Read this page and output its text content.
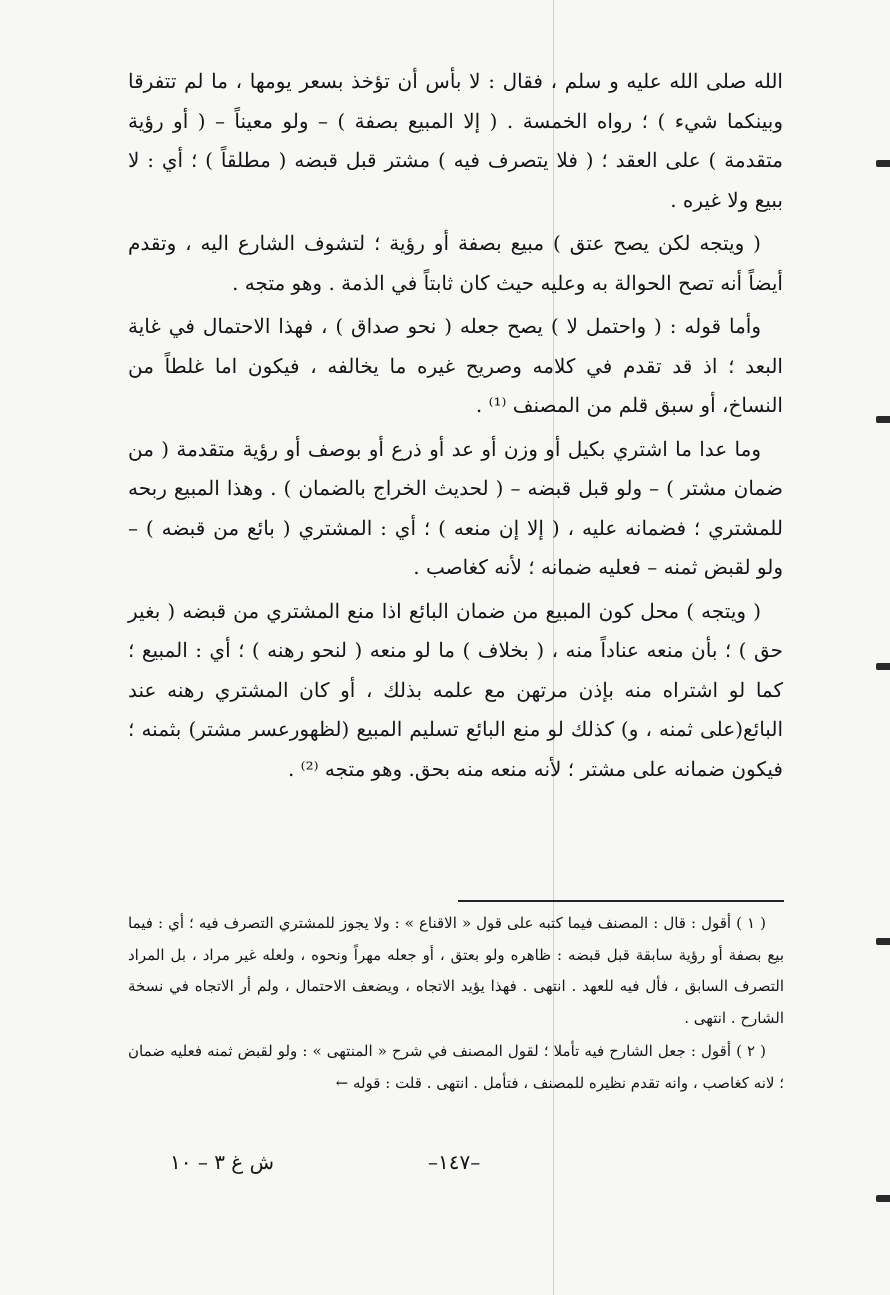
الله صلى الله عليه و سلم ، فقال : لا بأس أن تؤخذ بسعر يومها ، ما لم تتفرقا وبينكما شيء ) ؛ رواه الخمسة . ( إلا المبيع بصفة ) – ولو معيناً – ( أو رؤية متقدمة ) على العقد ؛ ( فلا يتصرف فيه ) مشتر قبل قبضه ( مطلقاً ) ؛ أي : لا ببيع ولا غيره .

( ويتجه لكن يصح عتق ) مبيع بصفة أو رؤية ؛ لتشوف الشارع اليه ، وتقدم أيضاً أنه تصح الحوالة به وعليه حيث كان ثابتاً في الذمة . وهو متجه .

وأما قوله : ( واحتمل لا ) يصح جعله ( نحو صداق ) ، فهذا الاحتمال في غاية البعد ؛ اذ قد تقدم في كلامه وصريح غيره ما يخالفه ، فيكون اما غلطاً من النساخ، أو سبق قلم من المصنف ⁽¹⁾ .

وما عدا ما اشتري بكيل أو وزن أو عد أو ذرع أو بوصف أو رؤية متقدمة ( من ضمان مشتر ) – ولو قبل قبضه – ( لحديث الخراج بالضمان ) . وهذا المبيع ربحه للمشتري ؛ فضمانه عليه ، ( إلا إن منعه ) ؛ أي : المشتري ( بائع من قبضه ) – ولو لقبض ثمنه – فعليه ضمانه ؛ لأنه كغاصب .

( ويتجه ) محل كون المبيع من ضمان البائع اذا منع المشتري من قبضه ( بغير حق ) ؛ بأن منعه عناداً منه ، ( بخلاف ) ما لو منعه ( لنحو رهنه ) ؛ أي : المبيع ؛ كما لو اشتراه منه بإذن مرتهن مع علمه بذلك ، أو كان المشتري رهنه عند البائع(على ثمنه ، و) كذلك لو منع البائع تسليم المبيع (لظهورعسر مشتر) بثمنه ؛ فيكون ضمانه على مشتر ؛ لأنه منعه منه بحق. وهو متجه ⁽²⁾ .

( ١ ) أقول : قال : المصنف فيما كتبه على قول « الاقناع » : ولا يجوز للمشتري التصرف فيه ؛ أي : فيما بيع بصفة أو رؤية سابقة قبل قبضه : ظاهره ولو بعتق ، أو جعله مهراً ونحوه ، ولعله غير مراد ، بل المراد التصرف السابق ، فأل فيه للعهد . انتهى . فهذا يؤيد الاتجاه ، ويضعف الاحتمال ، ولم أر الاتجاه في نسخة الشارح . انتهى .

( ٢ ) أقول : جعل الشارح فيه تأملا ؛ لقول المصنف في شرح « المنتهى » : ولو لقبض ثمنه فعليه ضمان ؛ لانه كغاصب ، وانه تقدم نظيره للمصنف ، فتأمل . انتهى . قلت : قوله ←

–١٤٧–
ش غ ٣ – ١٠
